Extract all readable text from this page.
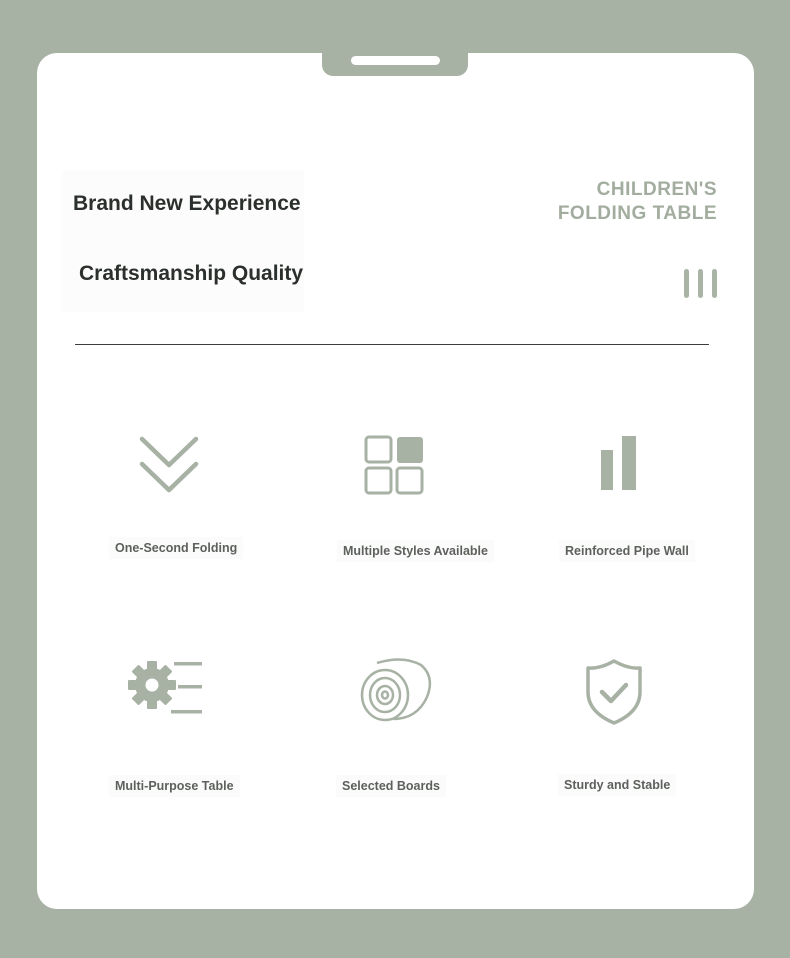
Brand New Experience
Craftsmanship Quality
CHILDREN'S
FOLDING TABLE
One-Second Folding	Multiple Styles Available	Reinforced Pipe Wall
Multi-Purpose Table	Selected Boards	Sturdy and Stable
